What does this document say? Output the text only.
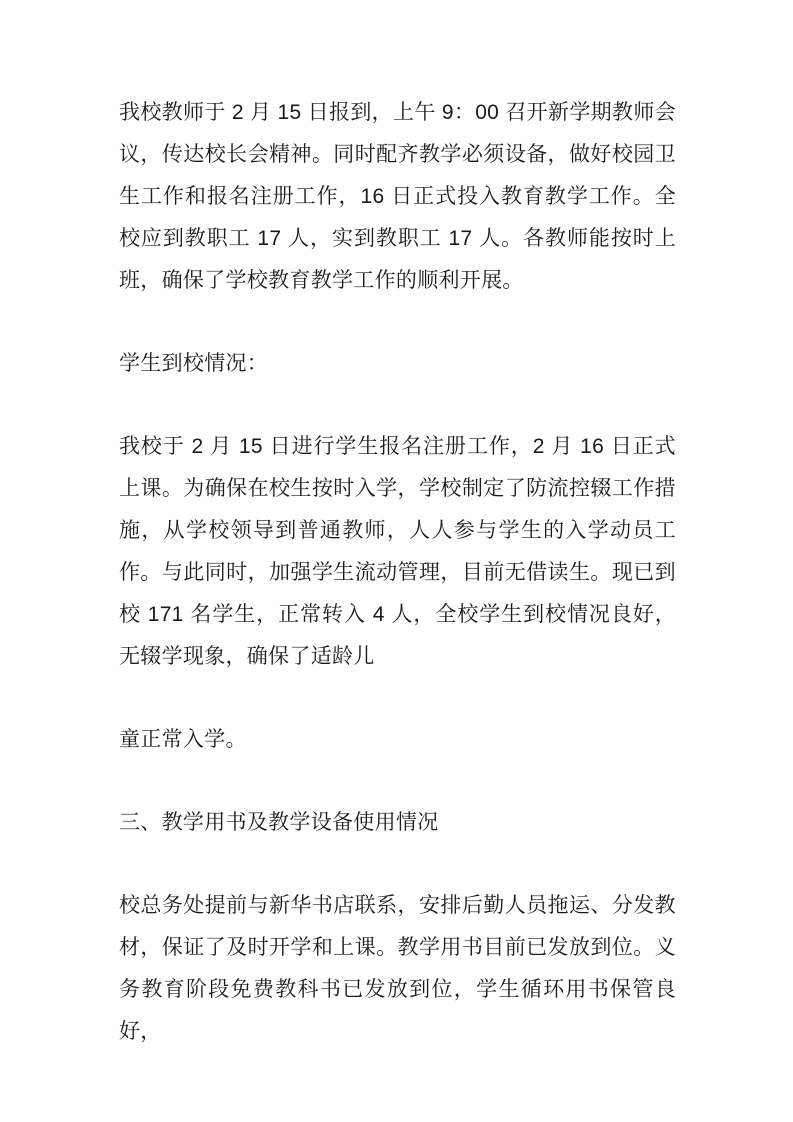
我校教师于 2 月 15 日报到，上午 9：00 召开新学期教师会议，传达校长会精神。同时配齐教学必须设备，做好校园卫生工作和报名注册工作，16 日正式投入教育教学工作。全校应到教职工 17 人，实到教职工 17 人。各教师能按时上班，确保了学校教育教学工作的顺利开展。

学生到校情况：

我校于 2 月 15 日进行学生报名注册工作，2 月 16 日正式上课。为确保在校生按时入学，学校制定了防流控辍工作措施，从学校领导到普通教师，人人参与学生的入学动员工作。与此同时，加强学生流动管理，目前无借读生。现已到校 171 名学生，正常转入 4 人，全校学生到校情况良好，无辍学现象，确保了适龄儿

童正常入学。

三、教学用书及教学设备使用情况

校总务处提前与新华书店联系，安排后勤人员拖运、分发教材，保证了及时开学和上课。教学用书目前已发放到位。义务教育阶段免费教科书已发放到位，学生循环用书保管良好，
